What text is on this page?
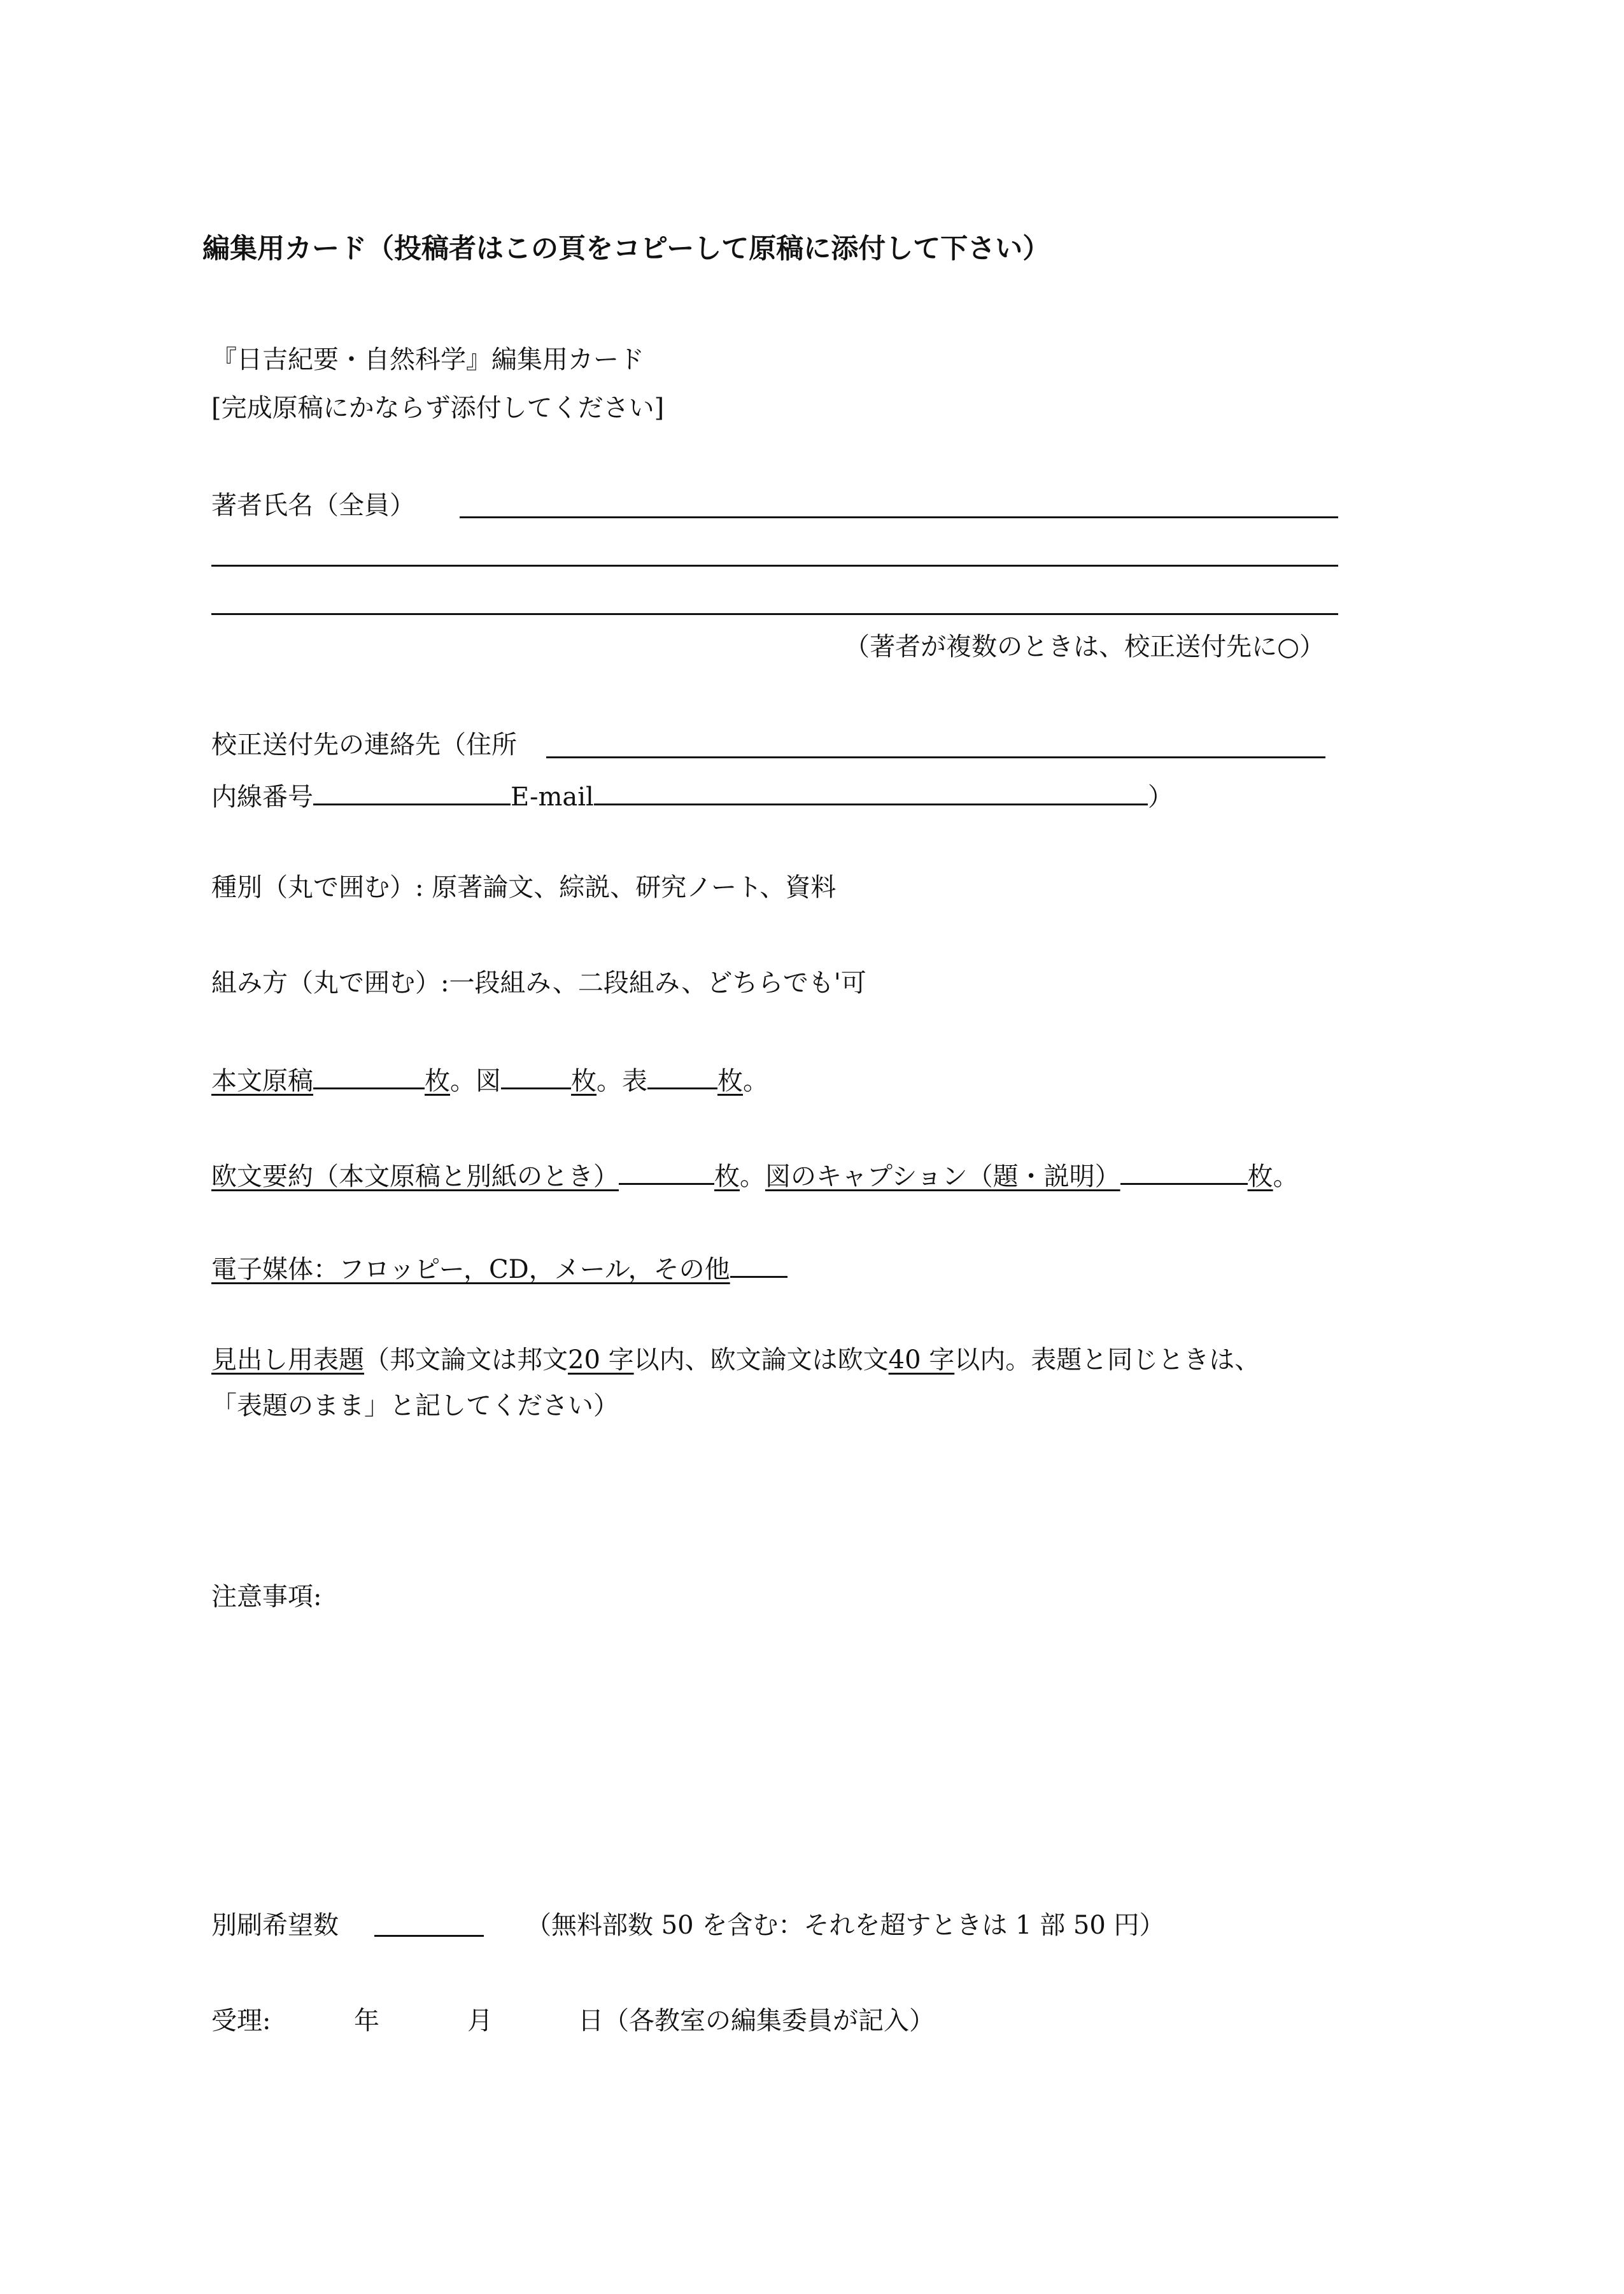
編集用カード（投稿者はこの頁をコピーして原稿に添付して下さい）
『日吉紀要・自然科学』編集用カード
[完成原稿にかならず添付してください]
著者氏名（全員）
（著者が複数のときは、校正送付先に○）
校正送付先の連絡先（住所
内線番号	E-mail	）
種別（丸で囲む）: 原著論文、綜説、研究ノート、資料
組み方（丸で囲む）:一段組み、二段組み、どちらでも'可
本文原稿	枚。図	枚。表	枚。
欧文要約（本文原稿と別紙のとき）	枚。図のキャプション（題・説明）	枚。
電子媒体：フロッピー，CD，メール，その他
見出し用表題（邦文論文は邦文20 字以内、欧文論文は欧文40 字以内。表題と同じときは、
「表題のまま」と記してください）
注意事項:
別刷希望数	（無料部数 50 を含む：それを超すときは 1 部 50 円）
受理:	年	月	日（各教室の編集委員が記入）
